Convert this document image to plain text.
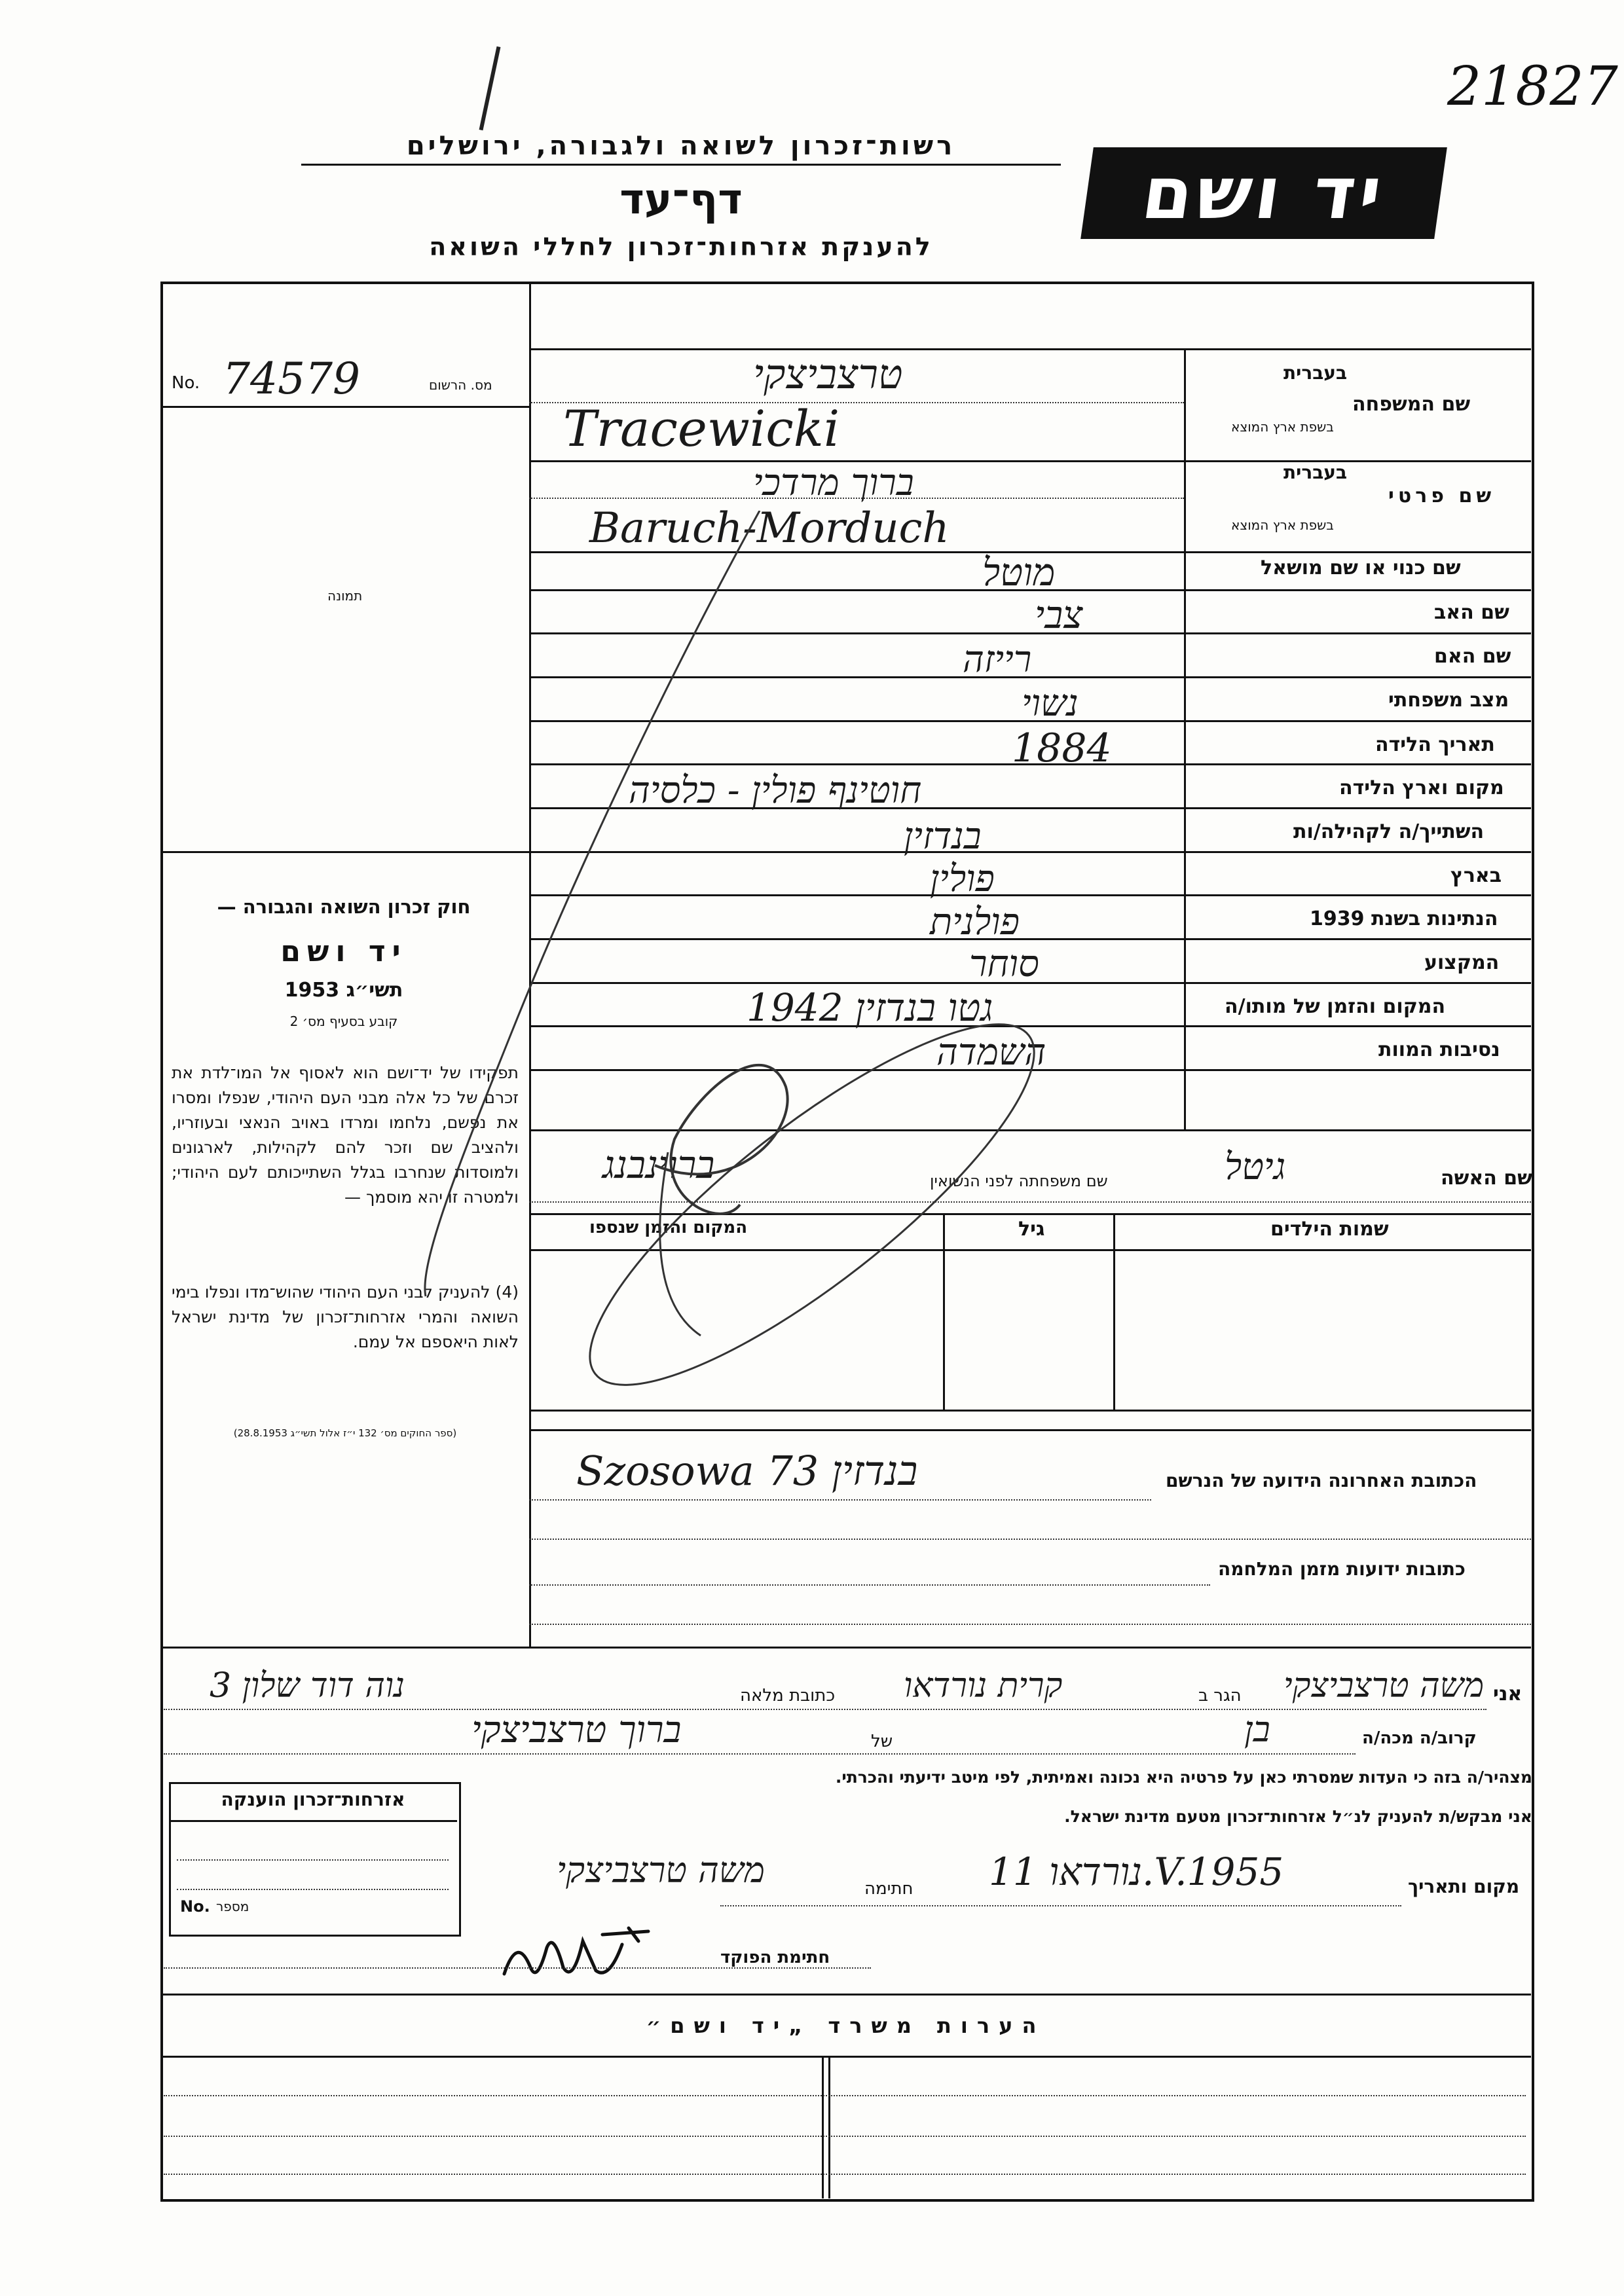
21827
רשות־זכרון לשואה ולגבורה, ירושלים
דף־עד
להענקת אזרחות־זכרון לחללי השואה
יד ושם
No. 74579	מס. הרשום
תמונה
חוק זכרון השואה והגבורה —
יד ושם
תשי״ג 1953
קובע בסעיף מס׳ 2
תפקידו של יד־ושם הוא לאסוף אל המו־לדת את זכרם של כל אלה מבני העם היהודי, שנפלו ומסרו את נפשם, נלחמו ומרדו באויב הנאצי ובעוזריו, ולהציב שם וזכר להם לקהילות, לארגונים ולמוסדות שנחרבו בגלל השתייכותם לעם היהודי; ולמטרה זו יהא מוסמך —
(4) להעניק לבני העם היהודי שהוש־מדו ונפלו בימי השואה והמרי אזרחות־זכרון של מדינת ישראל לאות היאספם אל עמם.
(ספר החוקים מס׳ 132 י״ז אלול תשי״ג 28.8.1953)
בעברית
שם המשפחה
בשפת ארץ המוצא
טרצביצקי
Tracewicki
בעברית
שם פרטי
בשפת ארץ המוצא
ברוך מרדכי
Baruch-Morduch
שם כנוי או שם מושאל
מוטל
שם האב
צבי
שם האם
רייזה
מצב משפחתי
נשוי
תאריך הלידה
1884
מקום וארץ הלידה
חוטינף פולין - כלסיה
השתייך/ה לקהילה/ות
בנדזין
בארץ
פולין
הנתינות בשנת 1939
פולנית
המקצוע
סוחר
המקום והזמן של מותו/ה
גטו בנדזין 1942
נסיבות המוות
השמדה
שם האשה
גיטל
שם משפחתה לפני הנשואין
ברוינבנג
שמות הילדים
גיל
המקום והזמן שנספו
הכתובת האחרונה הידועה של הנרשם
Szosowa 73 בנדזין
כתובות ידועות מזמן המלחמה
אני
משה טרצביצקי
הגר ב
קרית נורדאו
כתובת מלאה
נוה דוד שלון 3
קרוב/ה מכה/ה
בן
של
ברוך טרצביצקי
מצהיר/ה בזה כי העדות שמסרתי כאן על פרטיה היא נכונה ואמיתית, לפי מיטב ידיעתי והכרתי.
אני מבקש/ת להעניק לנ״ל אזרחות־זכרון מטעם מדינת ישראל.
מקום ותאריך
נורדאו 11.V.1955
חתימה
משה טרצביצקי
חתימת הפוקד
אזרחות־זכרון הוענקה
No. מספר
הערות משרד „יד ושם״
